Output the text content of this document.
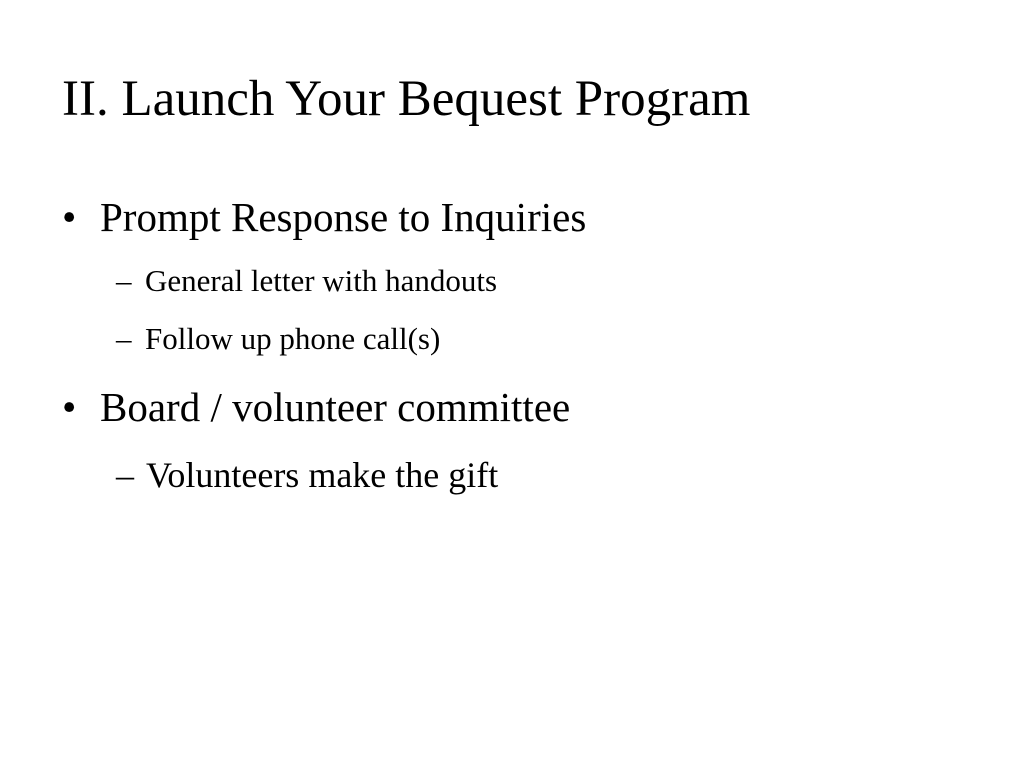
II. Launch Your Bequest Program
• Prompt Response to Inquiries
– General letter with handouts
– Follow up phone call(s)
• Board / volunteer committee
– Volunteers make the gift
